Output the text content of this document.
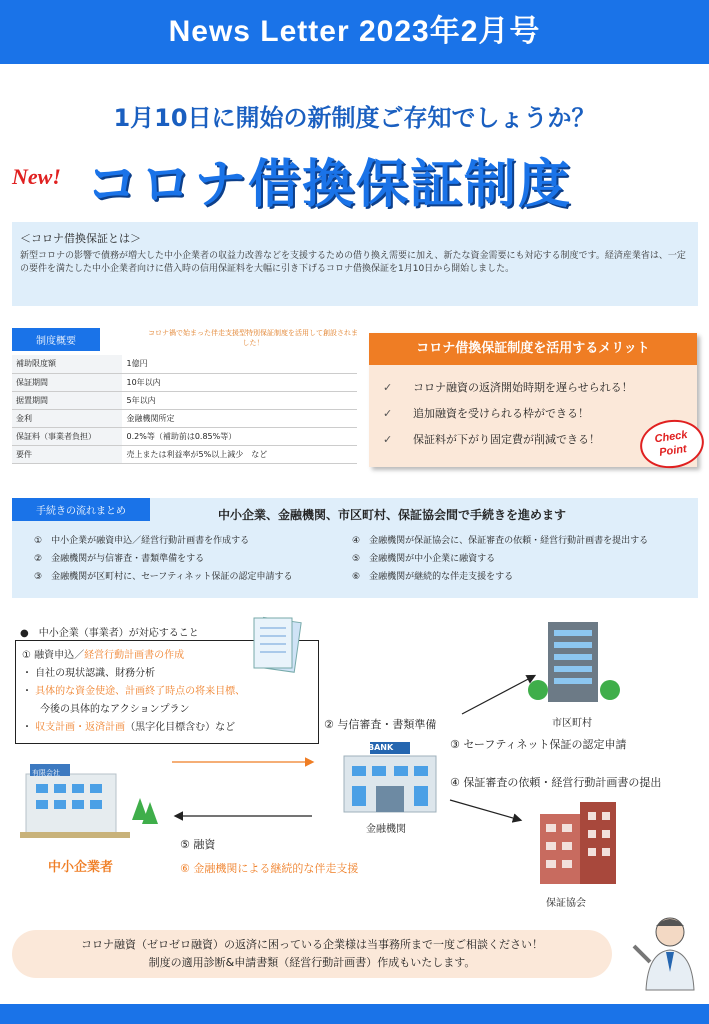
News Letter 2023年2月号
1月10日に開始の新制度ご存知でしょうか？
New! コロナ借換保証制度
＜コロナ借換保証とは＞

新型コロナの影響で債務が増大した中小企業者の収益力改善などを支援するための借り換え需要に加え、新たな資金需要にも対応する制度です。経済産業省は、一定の要件を満たした中小企業者向けに借入時の信用保証料を大幅に引き下げるコロナ借換保証を1月10日から開始しました。

制度概要
コロナ禍で始まった伴走支援型特別保証制度を活用して創設されました！
補助限度額	1億円
保証期間	10年以内
据置期間	5年以内
金利	金融機関所定
保証料（事業者負担）	0.2%等（補助前は0.85%等）
要件	売上または利益率が5%以上減少　など
コロナ借換保証制度を活用するメリット
✓ コロナ融資の返済開始時期を遅らせられる！
✓ 追加融資を受けられる枠ができる！
✓ 保証料が下がり固定費が削減できる！	Check
Point
手続きの流れまとめ	中小企業、金融機関、市区町村、保証協会間で手続きを進めます
①　中小企業が融資申込／経営行動計画書を作成する
②　金融機関が与信審査・書類準備をする
③　金融機関が区町村に、セーフティネット保証の認定申請する
④　金融機関が保証協会に、保証審査の依頼・経営行動計画書を提出する
⑤　金融機関が中小企業に融資する
⑥　金融機関が継続的な伴走支援をする
●　中小企業（事業者）が対応すること
① 融資申込／経営行動計画書の作成
・ 自社の現状認識、財務分析
・ 具体的な資金使途、計画終了時点の将来目標、
今後の具体的なアクションプラン
・ 収支計画・返済計画（黒字化目標含む）など
有限会社
中小企業者
BANK
金融機関
市区町村
保証協会
② 与信審査・書類準備
③ セーフティネット保証の認定申請
④ 保証審査の依頼・経営行動計画書の提出
⑤ 融資
⑥ 金融機関による継続的な伴走支援
コロナ融資（ゼロゼロ融資）の返済に困っている企業様は当事務所まで一度ご相談ください！
制度の適用診断&申請書類（経営行動計画書）作成もいたします。
